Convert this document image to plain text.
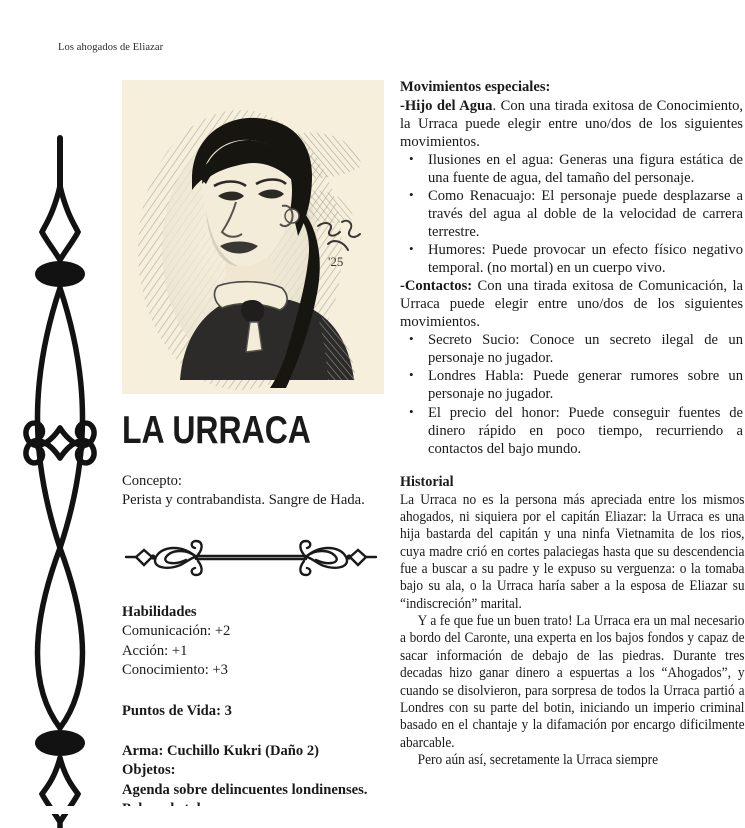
Los ahogados de Eliazar
'25
LA URRACA
Concepto:
Perista y contrabandista. Sangre de Hada.
Habilidades
Comunicación: +2
Acción: +1
Conocimiento: +3
Puntos de Vida: 3
Arma: Cuchillo Kukri (Daño 2)
Objetos:
Agenda sobre delincuentes londinenses.
Movimientos especiales:

-Hijo del Agua. Con una tirada exitosa de Conocimiento, la Urraca puede elegir entre uno/dos de los siguientes movimientos.

• Ilusiones en el agua: Generas una figura estática de una fuente de agua, del tamaño del personaje.
• Como Renacuajo: El personaje puede desplazarse a través del agua al doble de la velocidad de carrera terrestre.
• Humores: Puede provocar un efecto físico negativo temporal. (no mortal) en un cuerpo vivo.

-Contactos: Con una tirada exitosa de Comunicación, la Urraca puede elegir entre uno/dos de los siguientes movimientos.

• Secreto Sucio: Conoce un secreto ilegal de un personaje no jugador.
• Londres Habla: Puede generar rumores sobre un personaje no jugador.
• El precio del honor: Puede conseguir fuentes de dinero rápido en poco tiempo, recurriendo a contactos del bajo mundo.
Historial

La Urraca no es la persona más apreciada entre los mismos ahogados, ni siquiera por el capitán Eliazar: la Urraca es una hija bastarda del capitán y una ninfa Vietnamita de los rios, cuya madre crió en cortes palaciegas hasta que su descendencia fue a buscar a su padre y le expuso su verguenza: o la tomaba bajo su ala, o la Urraca haría saber a la esposa de Eliazar su “indiscreción” marital.

Y a fe que fue un buen trato! La Urraca era un mal necesario a bordo del Caronte, una experta en los bajos fondos y capaz de sacar información de debajo de las piedras. Durante tres decadas hizo ganar dinero a espuertas a los “Ahogados”, y cuando se disolvieron, para sorpresa de todos la Urraca partió a Londres con su parte del botin, iniciando un imperio criminal basado en el chantaje y la difamación por encargo dificilmente abarcable.

Pero aún así, secretamente la Urraca siempre
